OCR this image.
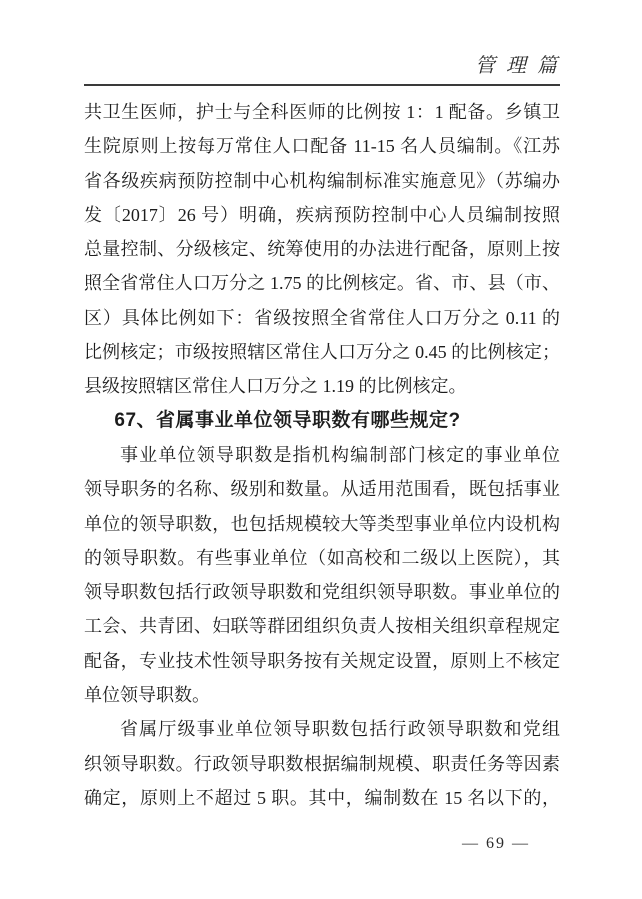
管 理 篇
共卫生医师，护士与全科医师的比例按 1：1 配备。乡镇卫
生院原则上按每万常住人口配备 11-15 名人员编制。《江苏
省各级疾病预防控制中心机构编制标准实施意见》（苏编办
发〔2017〕26 号）明确，疾病预防控制中心人员编制按照
总量控制、分级核定、统筹使用的办法进行配备，原则上按
照全省常住人口万分之 1.75 的比例核定。省、市、县（市、
区）具体比例如下：省级按照全省常住人口万分之 0.11 的
比例核定；市级按照辖区常住人口万分之 0.45 的比例核定；
县级按照辖区常住人口万分之 1.19 的比例核定。
67、省属事业单位领导职数有哪些规定?
事业单位领导职数是指机构编制部门核定的事业单位
领导职务的名称、级别和数量。从适用范围看，既包括事业
单位的领导职数，也包括规模较大等类型事业单位内设机构
的领导职数。有些事业单位（如高校和二级以上医院），其
领导职数包括行政领导职数和党组织领导职数。事业单位的
工会、共青团、妇联等群团组织负责人按相关组织章程规定
配备，专业技术性领导职务按有关规定设置，原则上不核定
单位领导职数。
省属厅级事业单位领导职数包括行政领导职数和党组
织领导职数。行政领导职数根据编制规模、职责任务等因素
确定，原则上不超过 5 职。其中，编制数在 15 名以下的，
— 69 —
